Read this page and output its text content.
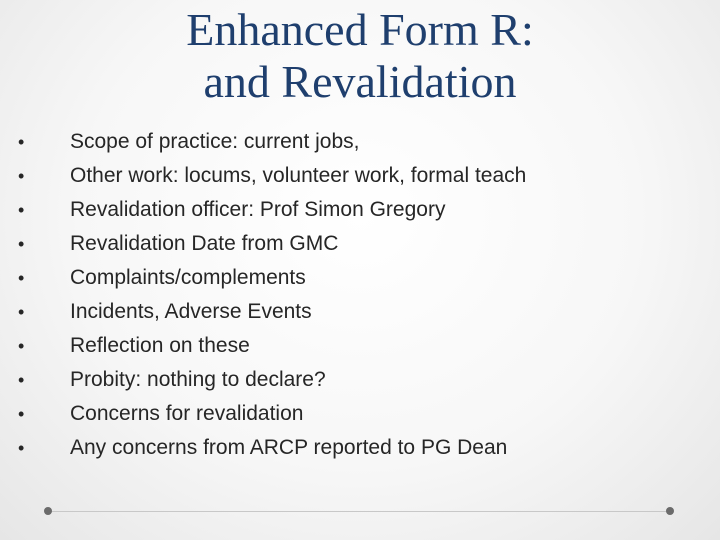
Enhanced Form R:
and Revalidation
•	Scope of practice: current jobs,
•	Other work: locums, volunteer work, formal teach
•	Revalidation officer: Prof Simon Gregory
•	Revalidation Date from GMC
•	Complaints/complements
•	Incidents, Adverse Events
•	Reflection on these
•	Probity: nothing to declare?
•	Concerns for revalidation
•	Any concerns from ARCP reported to PG Dean
